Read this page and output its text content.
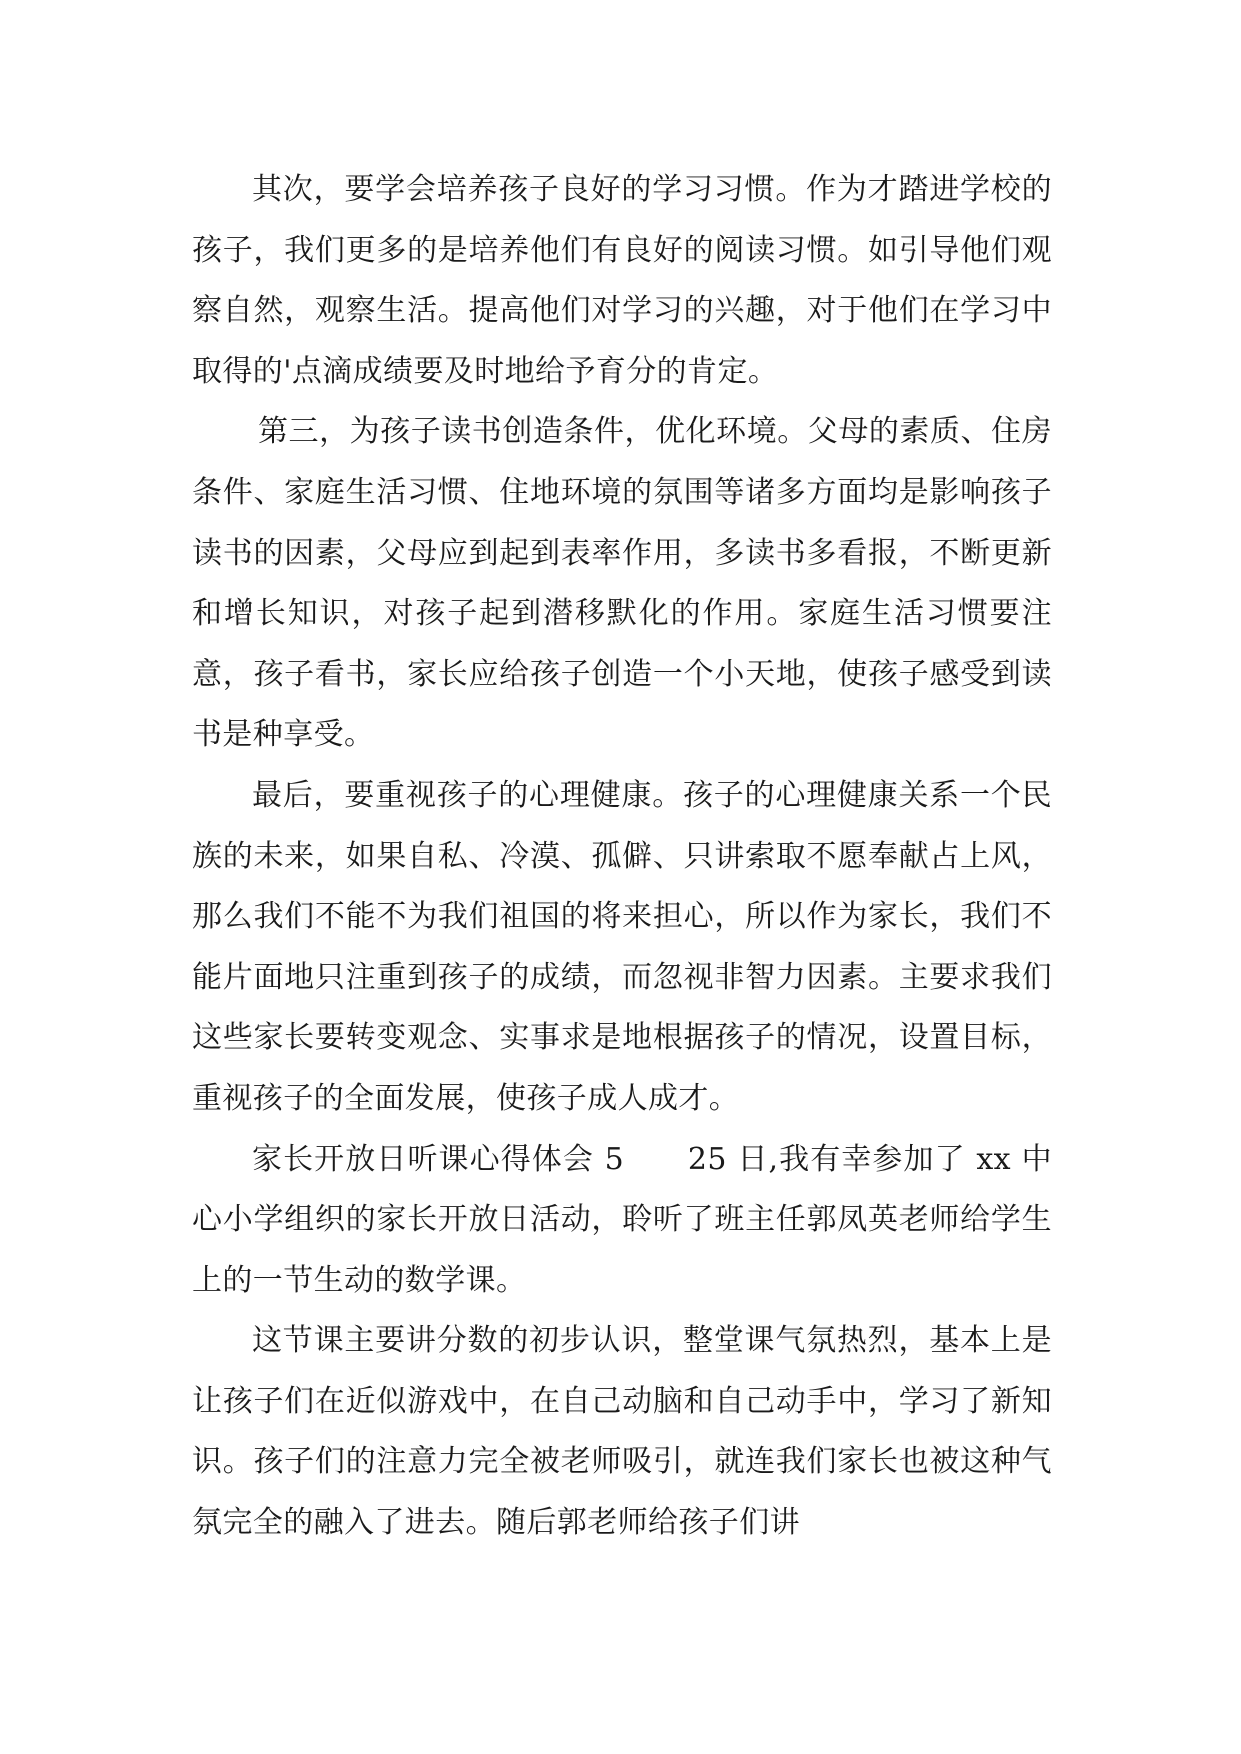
其次，要学会培养孩子良好的学习习惯。作为才踏进学校的孩子，我们更多的是培养他们有良好的阅读习惯。如引导他们观察自然，观察生活。提高他们对学习的兴趣，对于他们在学习中取得的'点滴成绩要及时地给予育分的肯定。

第三，为孩子读书创造条件，优化环境。父母的素质、住房条件、家庭生活习惯、住地环境的氛围等诸多方面均是影响孩子读书的因素，父母应到起到表率作用，多读书多看报，不断更新和增长知识，对孩子起到潜移默化的作用。家庭生活习惯要注意，孩子看书，家长应给孩子创造一个小天地，使孩子感受到读书是种享受。

最后，要重视孩子的心理健康。孩子的心理健康关系一个民族的未来，如果自私、冷漠、孤僻、只讲索取不愿奉献占上风，那么我们不能不为我们祖国的将来担心，所以作为家长，我们不能片面地只注重到孩子的成绩，而忽视非智力因素。主要求我们这些家长要转变观念、实事求是地根据孩子的情况，设置目标，重视孩子的全面发展，使孩子成人成才。

家长开放日听课心得体会 5      25 日,我有幸参加了 xx 中心小学组织的家长开放日活动，聆听了班主任郭凤英老师给学生上的一节生动的数学课。

这节课主要讲分数的初步认识，整堂课气氛热烈，基本上是让孩子们在近似游戏中，在自己动脑和自己动手中，学习了新知识。孩子们的注意力完全被老师吸引，就连我们家长也被这种气氛完全的融入了进去。随后郭老师给孩子们讲
